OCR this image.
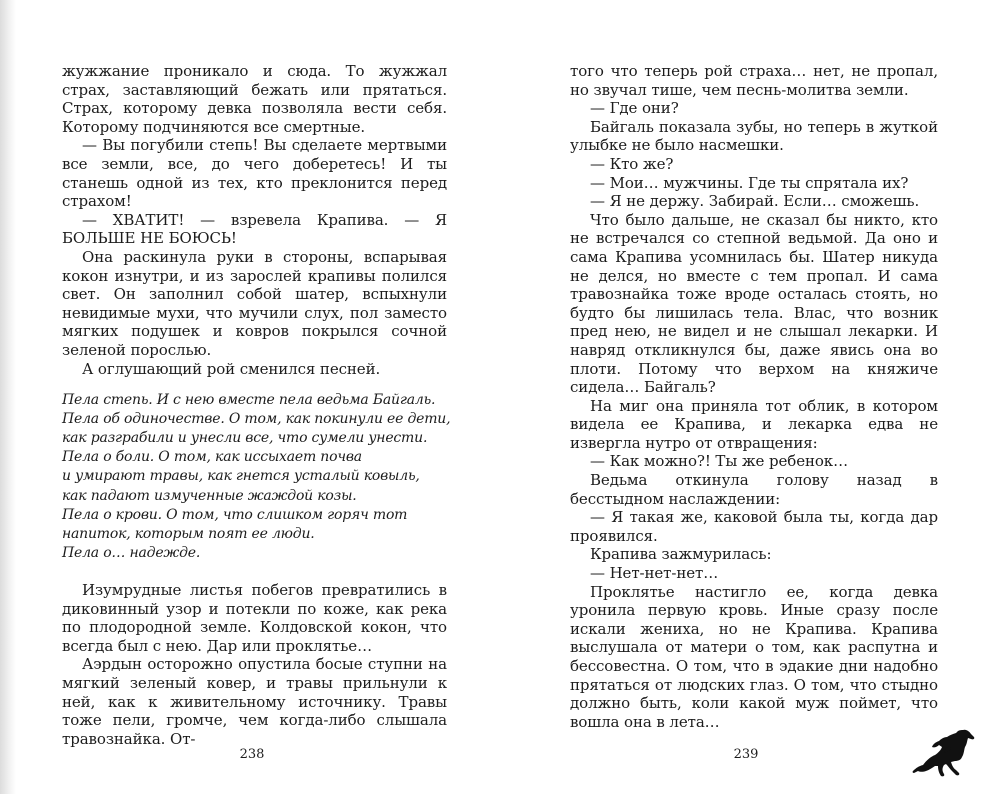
жужжание проникало и сюда. То жужжал страх, заставляющий бежать или прятаться. Страх, которому девка позволяла вести себя. Которому подчиняются все смертные.

— Вы погубили степь! Вы сделаете мертвыми все земли, все, до чего доберетесь! И ты станешь одной из тех, кто преклонится перед страхом!

— ХВАТИТ! — взревела Крапива. — Я БОЛЬШЕ НЕ БОЮСЬ!

Она раскинула руки в стороны, вспарывая кокон изнутри, и из зарослей крапивы полился свет. Он заполнил собой шатер, вспыхнули невидимые мухи, что мучили слух, пол заместо мягких подушек и ковров покрылся сочной зеленой порослью.

А оглушающий рой сменился песней.

Пела степь. И с нею вместе пела ведьма Байгаль.
Пела об одиночестве. О том, как покинули ее дети,
как разграбили и унесли все, что сумели унести.
Пела о боли. О том, как иссыхает почва
и умирают травы, как гнется усталый ковыль,
как падают измученные жаждой козы.
Пела о крови. О том, что слишком горяч тот
напиток, которым поят ее люди.
Пела о… надежде.

Изумрудные листья побегов превратились в диковинный узор и потекли по коже, как река по плодородной земле. Колдовской кокон, что всегда был с нею. Дар или проклятье…

Аэрдын осторожно опустила босые ступни на мягкий зеленый ковер, и травы прильнули к ней, как к живительному источнику. Травы тоже пели, громче, чем когда-либо слышала травознайка. От-

того что теперь рой страха… нет, не пропал, но звучал тише, чем песнь-молитва земли.

— Где они?

Байгаль показала зубы, но теперь в жуткой улыбке не было насмешки.

— Кто же?

— Мои… мужчины. Где ты спрятала их?

— Я не держу. Забирай. Если… сможешь.

Что было дальше, не сказал бы никто, кто не встречался со степной ведьмой. Да оно и сама Крапива усомнилась бы. Шатер никуда не делся, но вместе с тем пропал. И сама травознайка тоже вроде осталась стоять, но будто бы лишилась тела. Влас, что возник пред нею, не видел и не слышал лекарки. И навряд откликнулся бы, даже явись она во плоти. Потому что верхом на княжиче сидела… Байгаль?

На миг она приняла тот облик, в котором видела ее Крапива, и лекарка едва не изверглa нутро от отвращения:

— Как можно?! Ты же ребенок…

Ведьма откинула голову назад в бесстыдном наслаждении:

— Я такая же, каковой была ты, когда дар проявился.

Крапива зажмурилась:

— Нет-нет-нет…

Проклятье настигло ее, когда девка уронила первую кровь. Иные сразу после искали жениха, но не Крапива. Крапива выслушала от матери о том, как распутна и бессовестна. О том, что в эдакие дни надобно прятаться от людских глаз. О том, что стыдно должно быть, коли какой муж поймет, что вошла она в лета…

238	239
